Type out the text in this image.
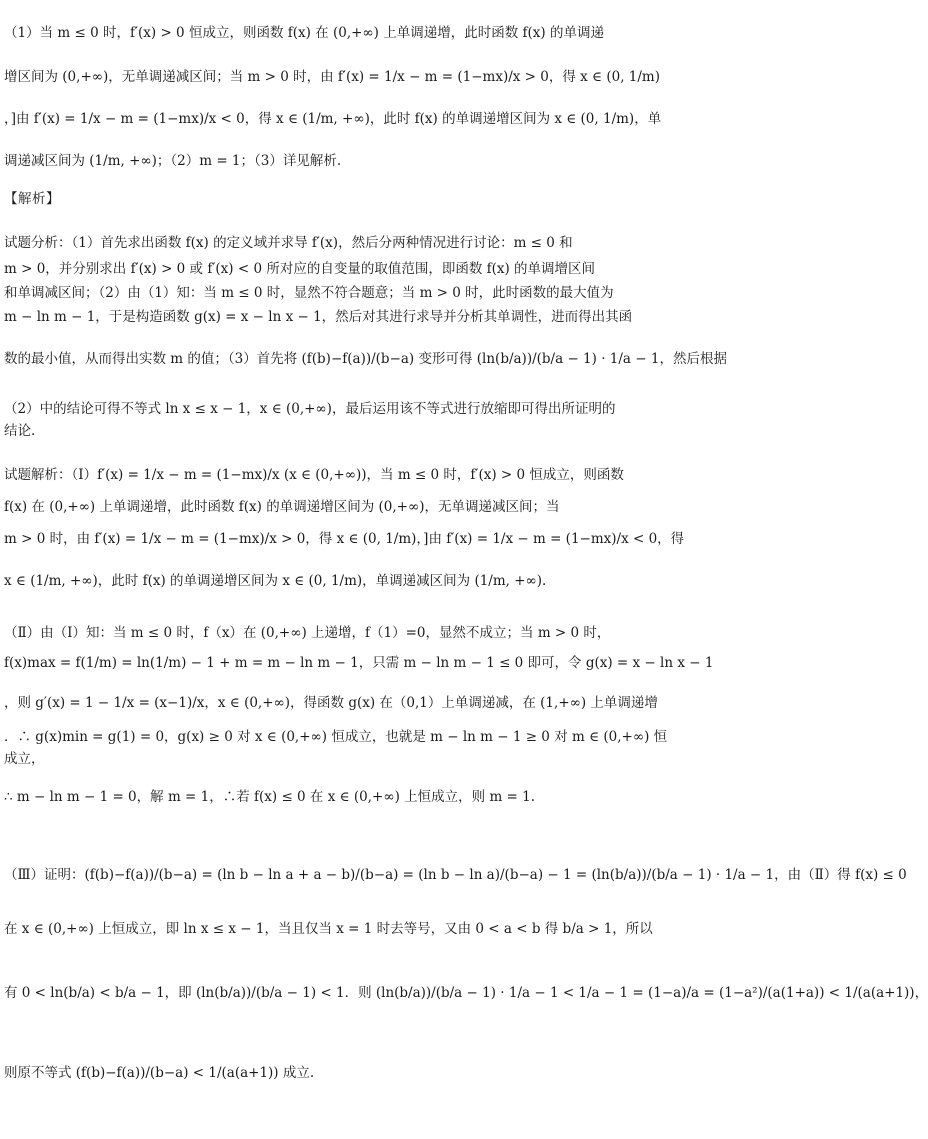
（1）当 m ≤ 0 时，f′(x) > 0 恒成立，则函数 f(x) 在 (0,+∞) 上单调递增，此时函数 f(x) 的单调递
增区间为 (0,+∞)，无单调递减区间；当 m > 0 时，由 f′(x) = 1/x − m = (1−mx)/x > 0，得 x ∈ (0, 1/m)
，]由 f′(x) = 1/x − m = (1−mx)/x < 0，得 x ∈ (1/m, +∞)，此时 f(x) 的单调递增区间为 x ∈ (0, 1/m)，单
调递减区间为 (1/m, +∞)；（2）m = 1；（3）详见解析.
【解析】
试题分析：（1）首先求出函数 f(x) 的定义域并求导 f′(x)，然后分两种情况进行讨论：m ≤ 0 和
m > 0，并分别求出 f′(x) > 0 或 f′(x) < 0 所对应的自变量的取值范围，即函数 f(x) 的单调增区间
和单调减区间；（2）由（1）知：当 m ≤ 0 时，显然不符合题意；当 m > 0 时，此时函数的最大值为
m − ln m − 1，于是构造函数 g(x) = x − ln x − 1，然后对其进行求导并分析其单调性，进而得出其函
数的最小值，从而得出实数 m 的值；（3）首先将 (f(b)−f(a))/(b−a) 变形可得 (ln(b/a))/(b/a − 1) · 1/a − 1，然后根据
（2）中的结论可得不等式 ln x ≤ x − 1，x ∈ (0,+∞)，最后运用该不等式进行放缩即可得出所证明的
结论.
试题解析：（Ⅰ）f′(x) = 1/x − m = (1−mx)/x (x ∈ (0,+∞))，当 m ≤ 0 时，f′(x) > 0 恒成立，则函数
f(x) 在 (0,+∞) 上单调递增，此时函数 f(x) 的单调递增区间为 (0,+∞)，无单调递减区间；当
m > 0 时，由 f′(x) = 1/x − m = (1−mx)/x > 0，得 x ∈ (0, 1/m)，]由 f′(x) = 1/x − m = (1−mx)/x < 0，得
x ∈ (1/m, +∞)，此时 f(x) 的单调递增区间为 x ∈ (0, 1/m)，单调递减区间为 (1/m, +∞).
（Ⅱ）由（Ⅰ）知：当 m ≤ 0 时，f（x）在 (0,+∞) 上递增，f（1）=0，显然不成立；当 m > 0 时，
f(x)max = f(1/m) = ln(1/m) − 1 + m = m − ln m − 1，只需 m − ln m − 1 ≤ 0 即可，令 g(x) = x − ln x − 1
，则 g′(x) = 1 − 1/x = (x−1)/x，x ∈ (0,+∞)，得函数 g(x) 在（0,1）上单调递减，在 (1,+∞) 上单调递增
．∴ g(x)min = g(1) = 0，g(x) ≥ 0 对 x ∈ (0,+∞) 恒成立，也就是 m − ln m − 1 ≥ 0 对 m ∈ (0,+∞) 恒
成立，
∴ m − ln m − 1 = 0，解 m = 1，∴若 f(x) ≤ 0 在 x ∈ (0,+∞) 上恒成立，则 m = 1.
（Ⅲ）证明：(f(b)−f(a))/(b−a) = (ln b − ln a + a − b)/(b−a) = (ln b − ln a)/(b−a) − 1 = (ln(b/a))/(b/a − 1) · 1/a − 1，由（Ⅱ）得 f(x) ≤ 0
在 x ∈ (0,+∞) 上恒成立，即 ln x ≤ x − 1，当且仅当 x = 1 时去等号，又由 0 < a < b 得 b/a > 1，所以
有 0 < ln(b/a) < b/a − 1，即 (ln(b/a))/(b/a − 1) < 1．则 (ln(b/a))/(b/a − 1) · 1/a − 1 < 1/a − 1 = (1−a)/a = (1−a²)/(a(1+a)) < 1/(a(a+1))，
则原不等式 (f(b)−f(a))/(b−a) < 1/(a(a+1)) 成立.
